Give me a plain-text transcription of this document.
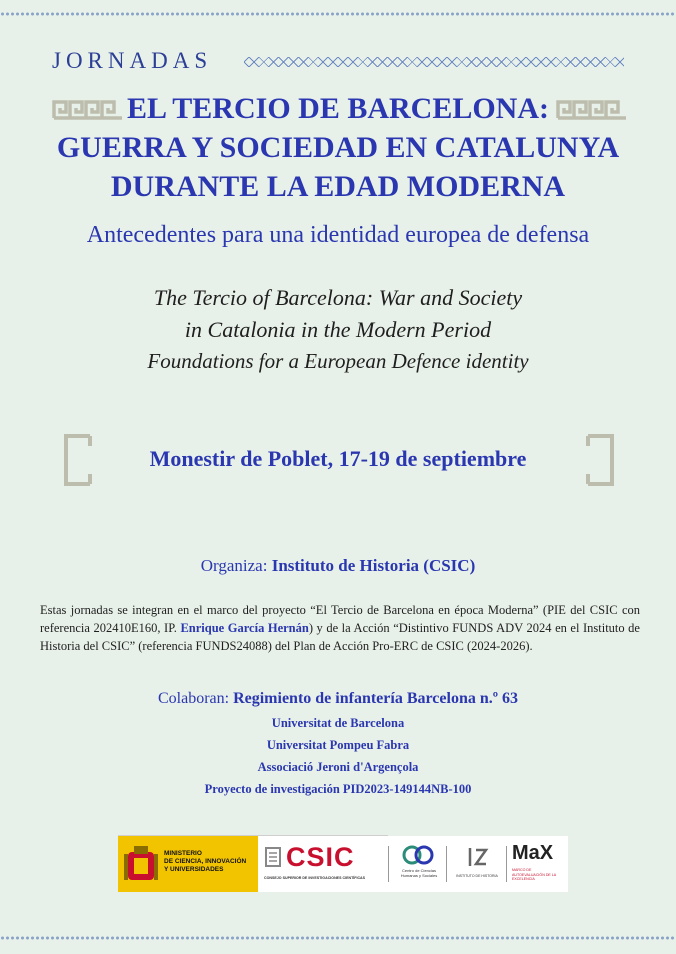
JORNADAS
EL TERCIO DE BARCELONA:
GUERRA Y SOCIEDAD EN CATALUNYA
DURANTE LA EDAD MODERNA
Antecedentes para una identidad europea de defensa
The Tercio of Barcelona: War and Society
in Catalonia in the Modern Period
Foundations for a European Defence identity
Monestir de Poblet, 17-19 de septiembre
Organiza: Instituto de Historia (CSIC)
Estas jornadas se integran en el marco del proyecto “El Tercio de Barcelona en época Moderna” (PIE del CSIC con referencia 202410E160, IP. Enrique García Hernán) y de la Acción “Distintivo FUNDS ADV 2024 en el Instituto de Historia del CSIC” (referencia FUNDS24088) del Plan de Acción Pro-ERC de CSIC (2024-2026).
Colaboran: Regimiento de infantería Barcelona n.º 63
Universitat de Barcelona
Universitat Pompeu Fabra
Associació Jeroni d'Argençola
Proyecto de investigación PID2023-149144NB-100
MINISTERIO
DE CIENCIA, INNOVACIÓN
Y UNIVERSIDADES	CSIC
CONSEJO SUPERIOR DE INVESTIGACIONES CIENTÍFICAS
Centro de Ciencias Humanas y Sociales	INSTITUTO DE HISTORIA
MaX
MARCO DE AUTOEVALUACIÓN DE LA EXCELENCIA
